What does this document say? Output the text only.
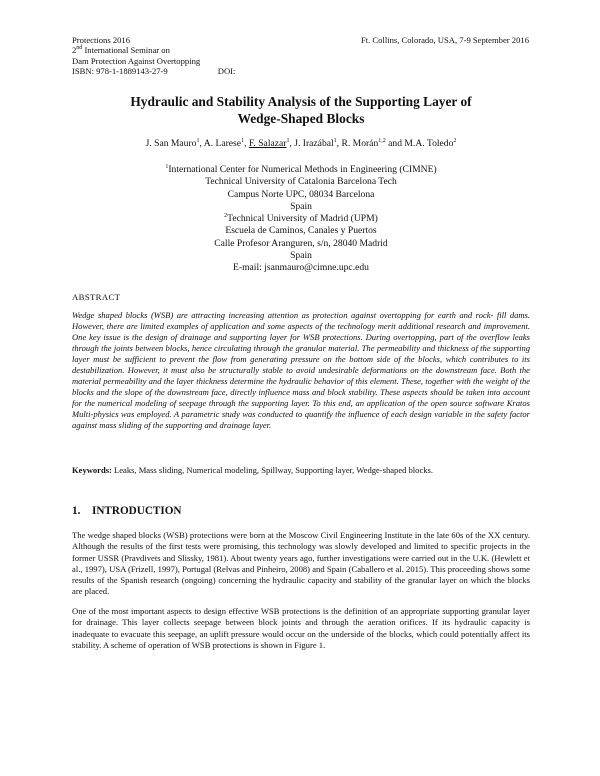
Protections 2016
2nd International Seminar on
Dam Protection Against Overtopping
ISBN: 978-1-1889143-27-9	DOI:
Ft. Collins, Colorado, USA, 7-9 September 2016
Hydraulic and Stability Analysis of the Supporting Layer of
Wedge-Shaped Blocks
J. San Mauro$^1$, A. Larese$^1$, F. Salazar$^1$, J. Irazábal$^1$, R. Morán$^{1,2}$ and M.A. Toledo$^2$
$^1$International Center for Numerical Methods in Engineering (CIMNE)
Technical University of Catalonia Barcelona Tech
Campus Norte UPC, 08034 Barcelona
Spain
$^2$Technical University of Madrid (UPM)
Escuela de Caminos, Canales y Puertos
Calle Profesor Aranguren, s/n, 28040 Madrid
Spain
E-mail: jsanmauro@cimne.upc.edu
ABSTRACT
Wedge shaped blocks (WSB) are attracting increasing attention as protection against overtopping for earth and rock- fill dams. However, there are limited examples of application and some aspects of the technology merit additional research and improvement. One key issue is the design of drainage and supporting layer for WSB protections. During overtopping, part of the overflow leaks through the joints between blocks, hence circulating through the granular material. The permeability and thickness of the supporting layer must be sufficient to prevent the flow from generating pressure on the bottom side of the blocks, which contributes to its destabilization. However, it must also be structurally stable to avoid undesirable deformations on the downstream face. Both the material permeability and the layer thickness determine the hydraulic behavior of this element. These, together with the weight of the blocks and the slope of the downstream face, directly influence mass and block stability. These aspects should be taken into account for the numerical modeling of seepage through the supporting layer. To this end, an application of the open source software Kratos Multi-physics was employed. A parametric study was conducted to quantify the influence of each design variable in the safety factor against mass sliding of the supporting and drainage layer.
Keywords: Leaks, Mass sliding, Numerical modeling, Spillway, Supporting layer, Wedge-shaped blocks.
1. INTRODUCTION
The wedge shaped blocks (WSB) protections were born at the Moscow Civil Engineering Institute in the late 60s of the XX century. Although the results of the first tests were promising, this technology was slowly developed and limited to specific projects in the former USSR (Pravdivets and Slissky, 1981). About twenty years ago, further investigations were carried out in the U.K. (Hewlett et al., 1997), USA (Frizell, 1997), Portugal (Relvas and Pinheiro, 2008) and Spain (Caballero et al. 2015). This proceeding shows some results of the Spanish research (ongoing) concerning the hydraulic capacity and stability of the granular layer on which the blocks are placed.
One of the most important aspects to design effective WSB protections is the definition of an appropriate supporting granular layer for drainage. This layer collects seepage between block joints and through the aeration orifices. If its hydraulic capacity is inadequate to evacuate this seepage, an uplift pressure would occur on the underside of the blocks, which could potentially affect its stability. A scheme of operation of WSB protections is shown in Figure 1.
